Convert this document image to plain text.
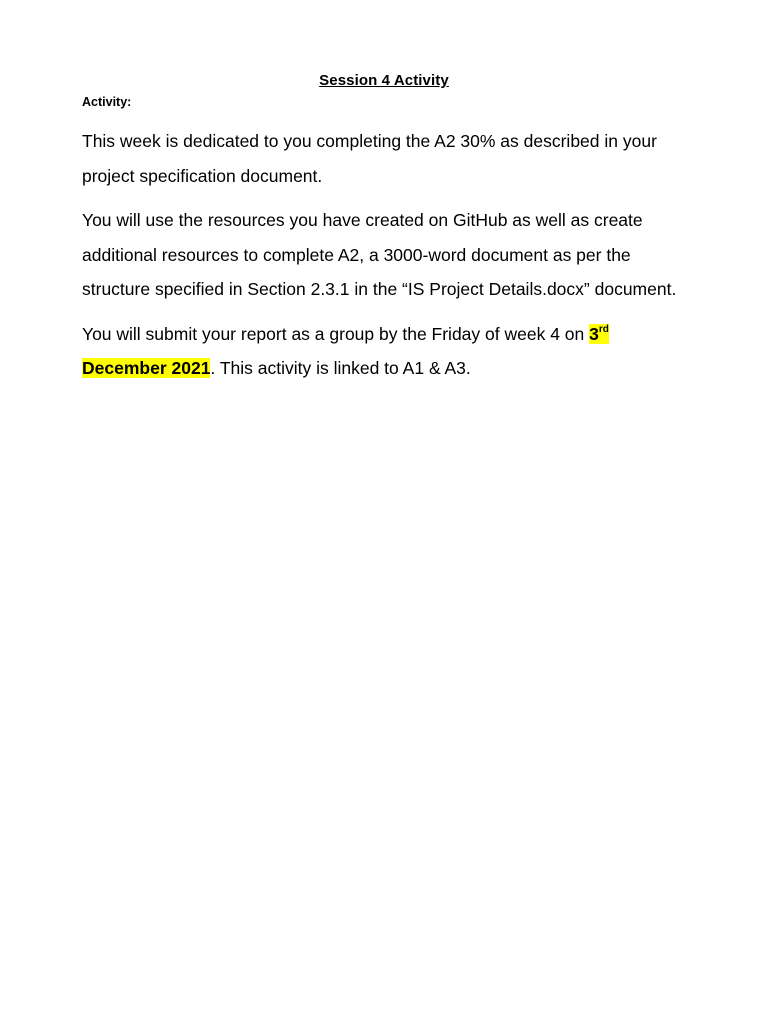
Session 4 Activity
Activity:

This week is dedicated to you completing the A2 30% as described in your project specification document.

You will use the resources you have created on GitHub as well as create additional resources to complete A2, a 3000-word document as per the structure specified in Section 2.3.1 in the “IS Project Details.docx” document.

You will submit your report as a group by the Friday of week 4 on 3rd December 2021. This activity is linked to A1 & A3.
